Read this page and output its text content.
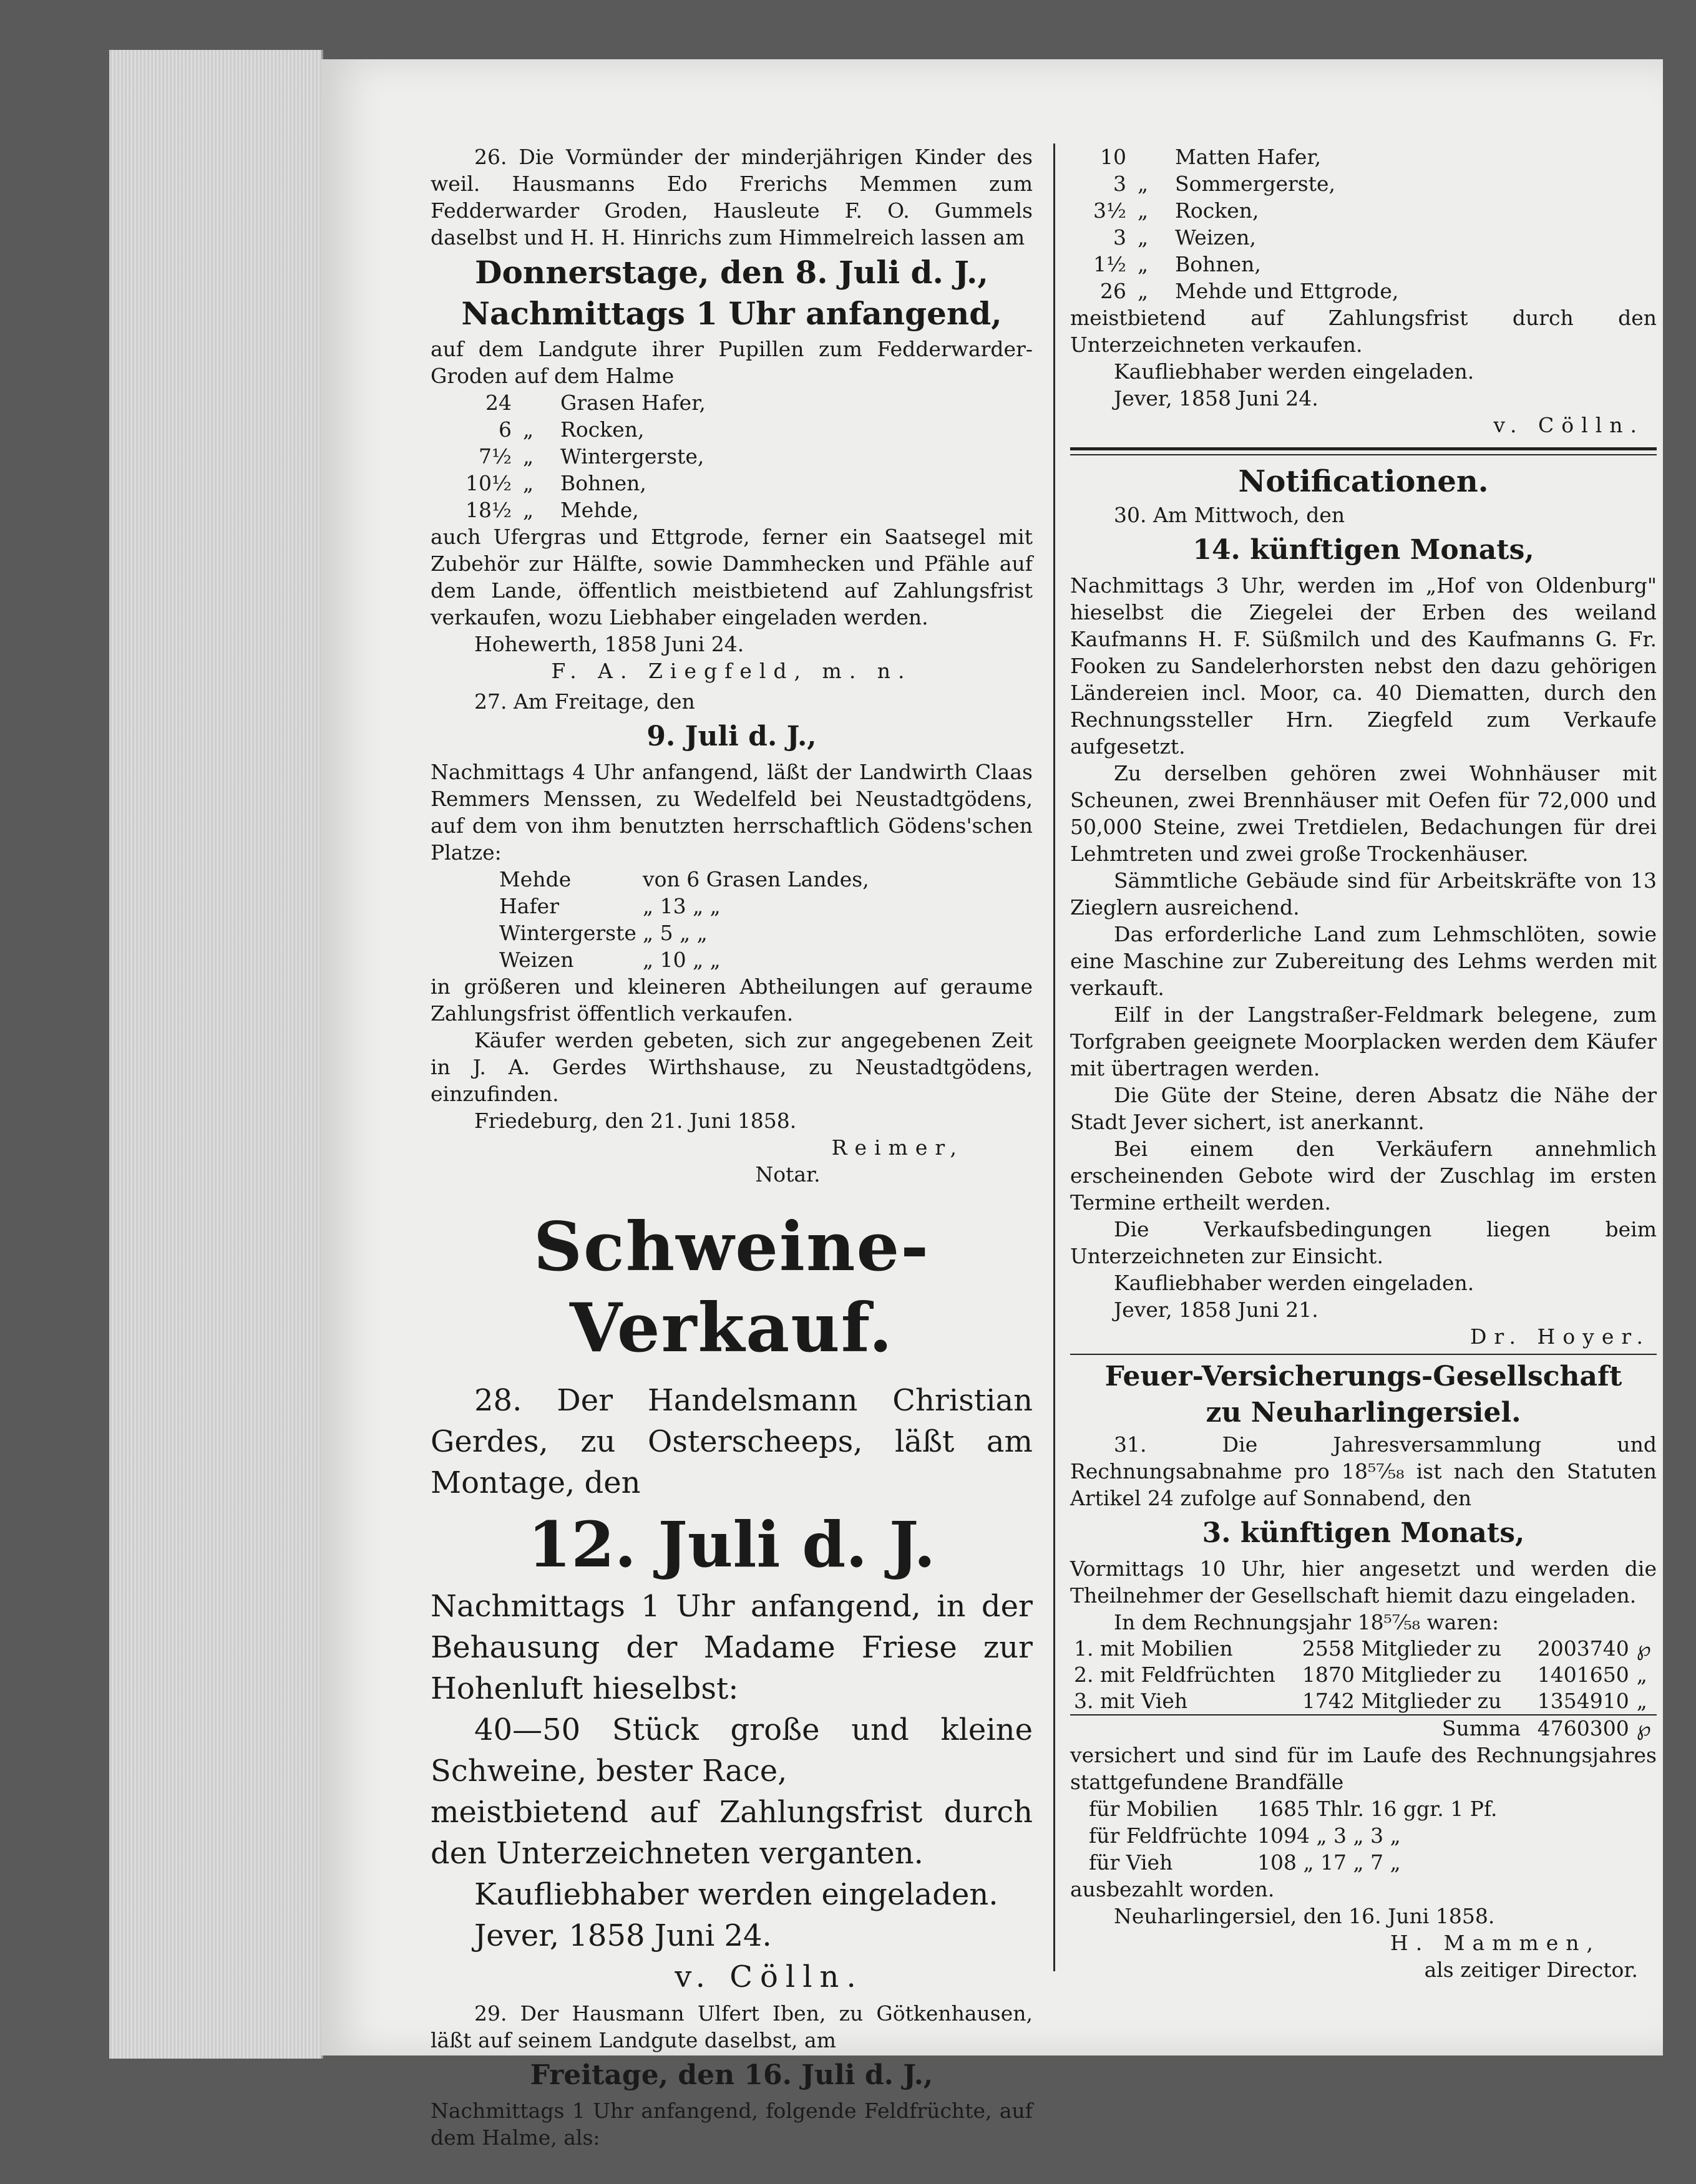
26. Die Vormünder der minderjährigen Kinder des weil. Hausmanns Edo Frerichs Memmen zum Fedderwarder Groden, Hausleute F. O. Gummels daselbst und H. H. Hinrichs zum Himmelreich lassen am

Donnerstage, den 8. Juli d. J.,
Nachmittags 1 Uhr anfangend,

auf dem Landgute ihrer Pupillen zum Fedderwarder-Groden auf dem Halme

24	Grasen Hafer,
6 „	Rocken,
7½ „	Wintergerste,
10½ „	Bohnen,
18½ „	Mehde,

auch Ufergras und Ettgrode, ferner ein Saatsegel mit Zubehör zur Hälfte, sowie Dammhecken und Pfähle auf dem Lande, öffentlich meistbietend auf Zahlungsfrist verkaufen, wozu Liebhaber eingeladen werden.

Hohewerth, 1858 Juni 24.

F. A. Ziegfeld, m. n.

27. Am Freitage, den

9. Juli d. J.,

Nachmittags 4 Uhr anfangend, läßt der Landwirth Claas Remmers Menssen, zu Wedelfeld bei Neustadtgödens, auf dem von ihm benutzten herrschaftlich Gödens'schen Platze:

Mehde	von 6 Grasen Landes,
Hafer	„ 13 „ „
Wintergerste „ 5 „ „
Weizen	„ 10 „ „

in größeren und kleineren Abtheilungen auf geraume Zahlungsfrist öffentlich verkaufen.

Käufer werden gebeten, sich zur angegebenen Zeit in J. A. Gerdes Wirthshause, zu Neustadtgödens, einzufinden.

Friedeburg, den 21. Juni 1858.

Reimer,

Notar.

Schweine-Verkauf.

28. Der Handelsmann Christian Gerdes, zu Osterscheeps, läßt am Montage, den

12. Juli d. J.

Nachmittags 1 Uhr anfangend, in der Behausung der Madame Friese zur Hohenluft hieselbst:

40—50 Stück große und kleine Schweine, bester Race,

meistbietend auf Zahlungsfrist durch den Unterzeichneten verganten.

Kaufliebhaber werden eingeladen.

Jever, 1858 Juni 24.

v. Cölln.

29. Der Hausmann Ulfert Iben, zu Götkenhausen, läßt auf seinem Landgute daselbst, am

Freitage, den 16. Juli d. J.,

Nachmittags 1 Uhr anfangend, folgende Feldfrüchte, auf dem Halme, als:

10	Matten Hafer,
3 „	Sommergerste,
3½ „	Rocken,
3 „	Weizen,
1½ „	Bohnen,
26 „	Mehde und Ettgrode,

meistbietend auf Zahlungsfrist durch den Unterzeichneten verkaufen.

Kaufliebhaber werden eingeladen.

Jever, 1858 Juni 24.

v. Cölln.

Notificationen.

30. Am Mittwoch, den

14. künftigen Monats,

Nachmittags 3 Uhr, werden im „Hof von Oldenburg" hieselbst die Ziegelei der Erben des weiland Kaufmanns H. F. Süßmilch und des Kaufmanns G. Fr. Fooken zu Sandelerhorsten nebst den dazu gehörigen Ländereien incl. Moor, ca. 40 Diematten, durch den Rechnungssteller Hrn. Ziegfeld zum Verkaufe aufgesetzt.

Zu derselben gehören zwei Wohnhäuser mit Scheunen, zwei Brennhäuser mit Oefen für 72,000 und 50,000 Steine, zwei Tretdielen, Bedachungen für drei Lehmtreten und zwei große Trockenhäuser.

Sämmtliche Gebäude sind für Arbeitskräfte von 13 Zieglern ausreichend.

Das erforderliche Land zum Lehmschlöten, sowie eine Maschine zur Zubereitung des Lehms werden mit verkauft.

Eilf in der Langstraßer-Feldmark belegene, zum Torfgraben geeignete Moorplacken werden dem Käufer mit übertragen werden.

Die Güte der Steine, deren Absatz die Nähe der Stadt Jever sichert, ist anerkannt.

Bei einem den Verkäufern annehmlich erscheinenden Gebote wird der Zuschlag im ersten Termine ertheilt werden.

Die Verkaufsbedingungen liegen beim Unterzeichneten zur Einsicht.

Kaufliebhaber werden eingeladen.

Jever, 1858 Juni 21.

Dr. Hoyer.

Feuer-Versicherungs-Gesellschaft
zu Neuharlingersiel.

31. Die Jahresversammlung und Rechnungsabnahme pro 18⁵⁷⁄₅₈ ist nach den Statuten Artikel 24 zufolge auf Sonnabend, den

3. künftigen Monats,

Vormittags 10 Uhr, hier angesetzt und werden die Theilnehmer der Gesellschaft hiemit dazu eingeladen.

In dem Rechnungsjahr 18⁵⁷⁄₅₈ waren:

1. mit Mobilien	2558 Mitglieder zu	2003740	℘
2. mit Feldfrüchten	1870 Mitglieder zu	1401650	„
3. mit Vieh	1742 Mitglieder zu	1354910	„
	Summa	4760300	℘

versichert und sind für im Laufe des Rechnungsjahres stattgefundene Brandfälle

für Mobilien	1685 Thlr. 16 ggr. 1 Pf.
für Feldfrüchte 1094 „ 3 „ 3 „
für Vieh	108 „ 17 „ 7 „

ausbezahlt worden.

Neuharlingersiel, den 16. Juni 1858.

H. Mammen,

als zeitiger Director.
